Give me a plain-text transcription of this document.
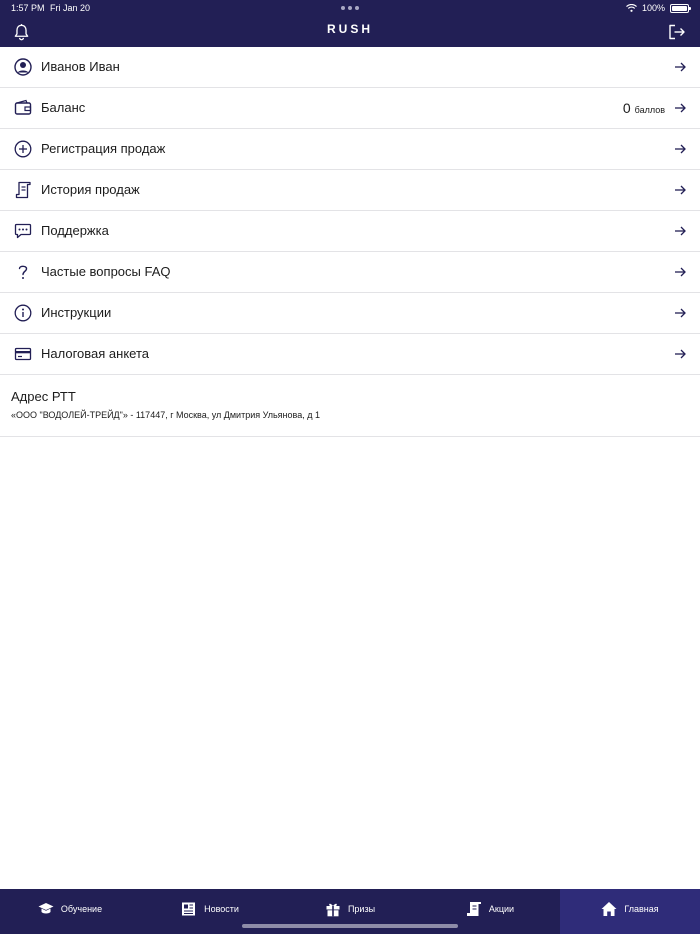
1:57 PM Fri Jan 20	100%
RUSH
Иванов Иван
Баланс	0 баллов
Регистрация продаж
История продаж
Поддержка
Частые вопросы FAQ
Инструкции
Налоговая анкета
Адрес РТТ
«ООО "ВОДОЛЕЙ-ТРЕЙД"» - 117447, г Москва, ул Дмитрия Ульянова, д 1
Обучение	Новости	Призы	Акции	Главная
